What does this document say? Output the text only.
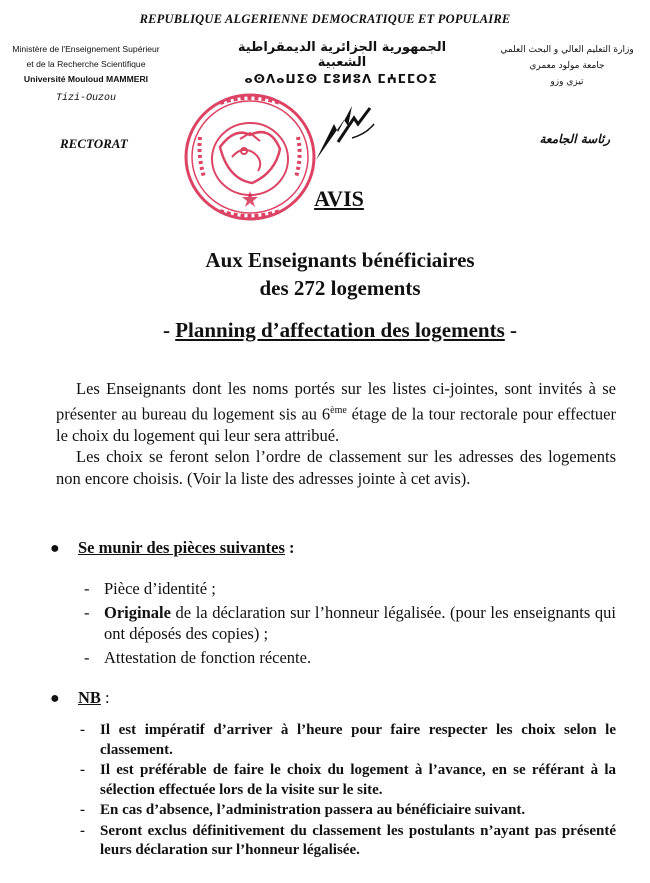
REPUBLIQUE ALGERIENNE DEMOCRATIQUE ET POPULAIRE
Ministère de l'Enseignement Supérieur
et de la Recherche Scientifique
Université Mouloud MAMMERI
Tizi-Ouzou
RECTORAT
الجمهورية الجزائرية الديمقراطية الشعبية
ⴰⵙⴷⴰⵡⵉⵙ ⵎⵓⵍⵓⴷ ⵎⵄⵎⵎⵔⵉ
وزارة التعليم العالي و البحث العلمي
جامعة مولود معمري
تيزي وزو
رئاسة الجامعة
AVIS
Aux Enseignants bénéficiaires
des 272 logements
- Planning d’affectation des logements -

Les Enseignants dont les noms portés sur les listes ci-jointes, sont invités à se présenter au bureau du logement sis au 6ème étage de la tour rectorale pour effectuer le choix du logement qui leur sera attribué.

Les choix se feront selon l’ordre de classement sur les adresses des logements non encore choisis. (Voir la liste des adresses jointe à cet avis).

● Se munir des pièces suivantes :
- Pièce d’identité ;
- Originale de la déclaration sur l’honneur légalisée. (pour les enseignants qui ont déposés des copies) ;
- Attestation de fonction récente.
● NB :
- Il est impératif d’arriver à l’heure pour faire respecter les choix selon le classement.
- Il est préférable de faire le choix du logement à l’avance, en se référant à la sélection effectuée lors de la visite sur le site.
- En cas d’absence, l’administration passera au bénéficiaire suivant.
- Seront exclus définitivement du classement les postulants n’ayant pas présenté leurs déclaration sur l’honneur légalisée.
